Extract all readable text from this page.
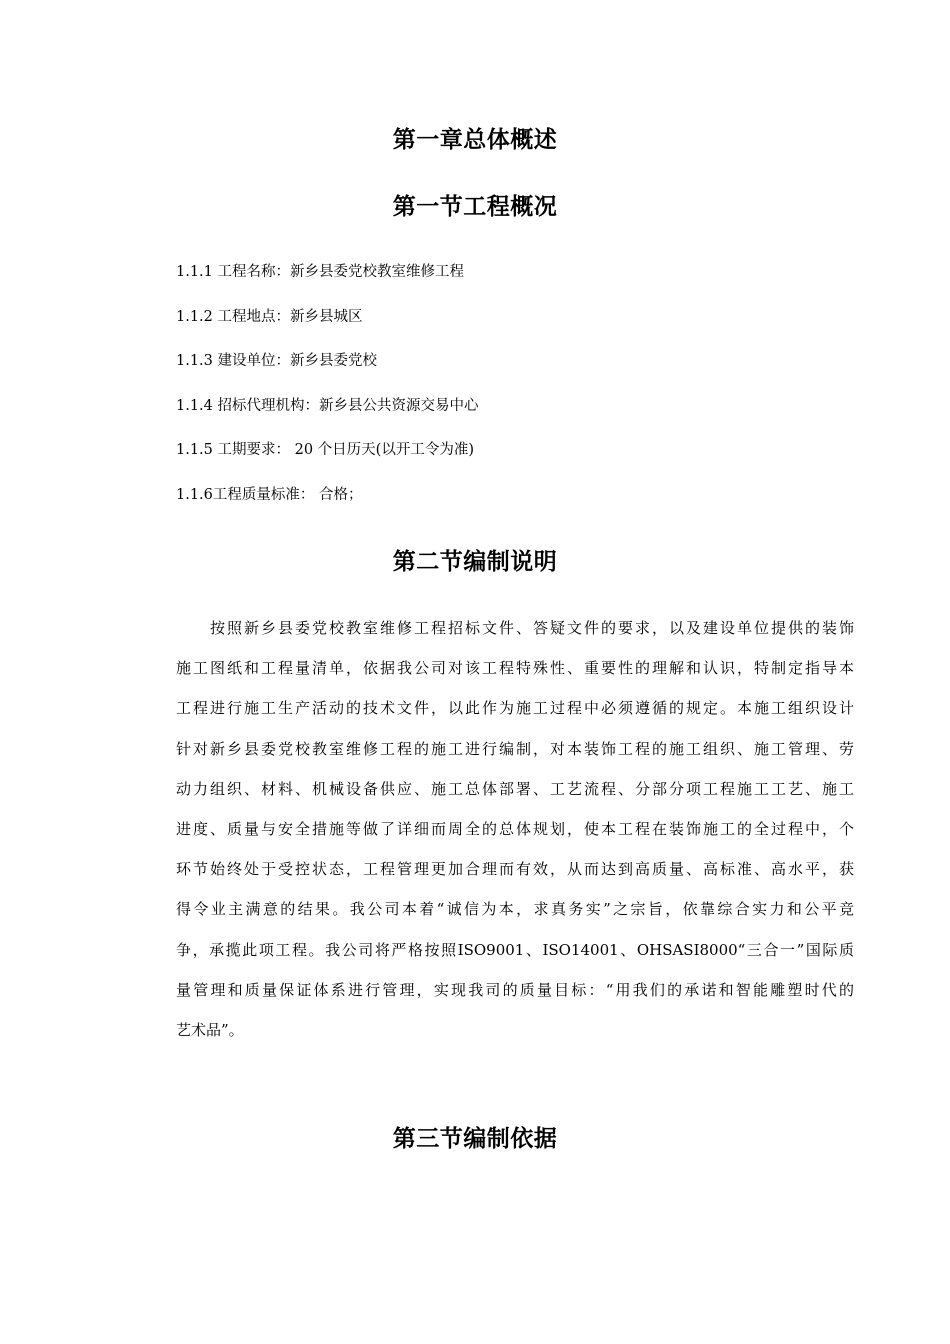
第一章总体概述
第一节工程概况
1.1.1 工程名称：新乡县委党校教室维修工程
1.1.2 工程地点：新乡县城区
1.1.3 建设单位：新乡县委党校
1.1.4 招标代理机构：新乡县公共资源交易中心
1.1.5 工期要求： 20 个日历天(以开工令为准)
1.1.6工程质量标准： 合格；
第二节编制说明
按照新乡县委党校教室维修工程招标文件、答疑文件的要求，以及建设单位提供的装饰
施工图纸和工程量清单，依据我公司对该工程特殊性、重要性的理解和认识，特制定指导本
工程进行施工生产活动的技术文件，以此作为施工过程中必须遵循的规定。本施工组织设计
针对新乡县委党校教室维修工程的施工进行编制，对本装饰工程的施工组织、施工管理、劳
动力组织、材料、机械设备供应、施工总体部署、工艺流程、分部分项工程施工工艺、施工
进度、质量与安全措施等做了详细而周全的总体规划，使本工程在装饰施工的全过程中，个
环节始终处于受控状态，工程管理更加合理而有效，从而达到高质量、高标准、高水平，获
得令业主满意的结果。我公司本着“诚信为本，求真务实”之宗旨，依靠综合实力和公平竞
争，承揽此项工程。我公司将严格按照ISO9001、ISO14001、OHSASI8000“三合一”国际质
量管理和质量保证体系进行管理，实现我司的质量目标：“用我们的承诺和智能雕塑时代的
艺术品”。
第三节编制依据
